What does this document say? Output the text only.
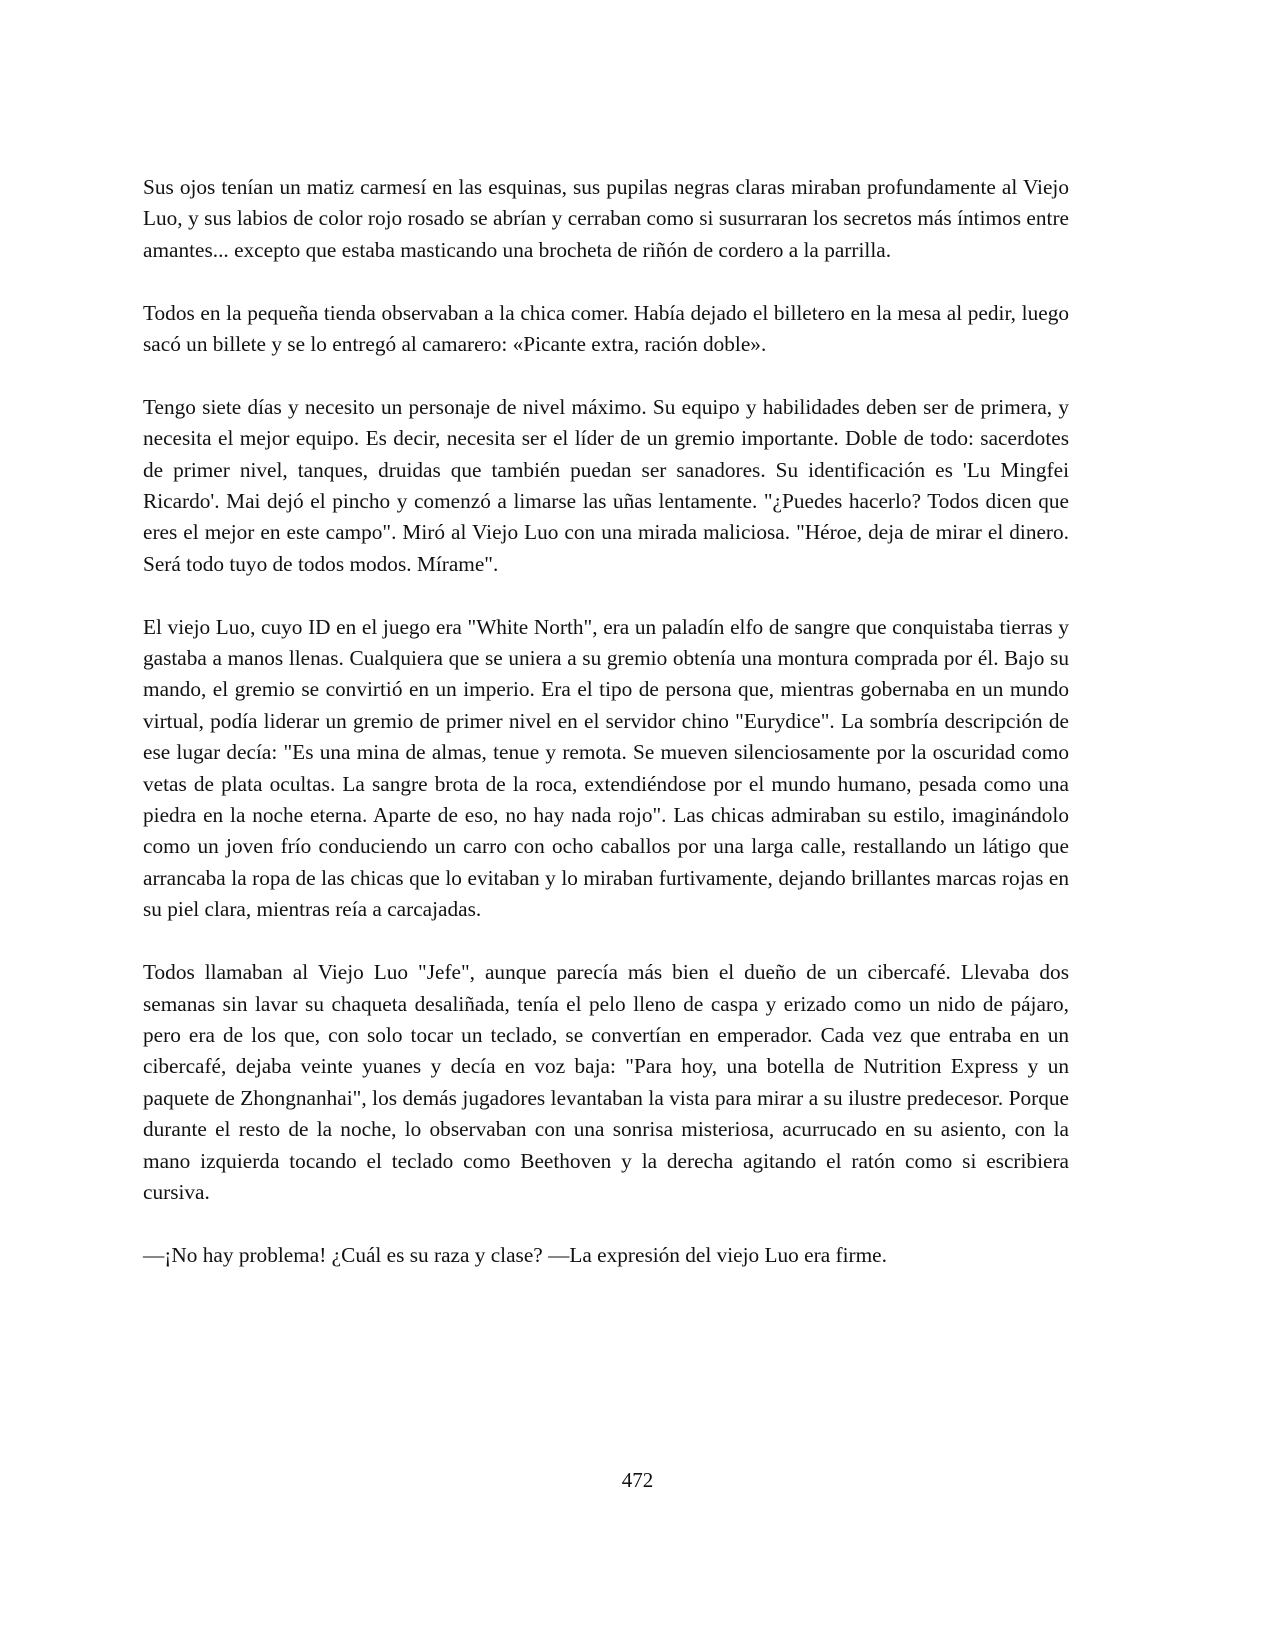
Sus ojos tenían un matiz carmesí en las esquinas, sus pupilas negras claras miraban profundamente al Viejo Luo, y sus labios de color rojo rosado se abrían y cerraban como si susurraran los secretos más íntimos entre amantes... excepto que estaba masticando una brocheta de riñón de cordero a la parrilla.

Todos en la pequeña tienda observaban a la chica comer. Había dejado el billetero en la mesa al pedir, luego sacó un billete y se lo entregó al camarero: «Picante extra, ración doble».

Tengo siete días y necesito un personaje de nivel máximo. Su equipo y habilidades deben ser de primera, y necesita el mejor equipo. Es decir, necesita ser el líder de un gremio importante. Doble de todo: sacerdotes de primer nivel, tanques, druidas que también puedan ser sanadores. Su identificación es 'Lu Mingfei Ricardo'. Mai dejó el pincho y comenzó a limarse las uñas lentamente. "¿Puedes hacerlo? Todos dicen que eres el mejor en este campo". Miró al Viejo Luo con una mirada maliciosa. "Héroe, deja de mirar el dinero. Será todo tuyo de todos modos. Mírame".

El viejo Luo, cuyo ID en el juego era "White North", era un paladín elfo de sangre que conquistaba tierras y gastaba a manos llenas. Cualquiera que se uniera a su gremio obtenía una montura comprada por él. Bajo su mando, el gremio se convirtió en un imperio. Era el tipo de persona que, mientras gobernaba en un mundo virtual, podía liderar un gremio de primer nivel en el servidor chino "Eurydice". La sombría descripción de ese lugar decía: "Es una mina de almas, tenue y remota. Se mueven silenciosamente por la oscuridad como vetas de plata ocultas. La sangre brota de la roca, extendiéndose por el mundo humano, pesada como una piedra en la noche eterna. Aparte de eso, no hay nada rojo". Las chicas admiraban su estilo, imaginándolo como un joven frío conduciendo un carro con ocho caballos por una larga calle, restallando un látigo que arrancaba la ropa de las chicas que lo evitaban y lo miraban furtivamente, dejando brillantes marcas rojas en su piel clara, mientras reía a carcajadas.

Todos llamaban al Viejo Luo "Jefe", aunque parecía más bien el dueño de un cibercafé. Llevaba dos semanas sin lavar su chaqueta desaliñada, tenía el pelo lleno de caspa y erizado como un nido de pájaro, pero era de los que, con solo tocar un teclado, se convertían en emperador. Cada vez que entraba en un cibercafé, dejaba veinte yuanes y decía en voz baja: "Para hoy, una botella de Nutrition Express y un paquete de Zhongnanhai", los demás jugadores levantaban la vista para mirar a su ilustre predecesor. Porque durante el resto de la noche, lo observaban con una sonrisa misteriosa, acurrucado en su asiento, con la mano izquierda tocando el teclado como Beethoven y la derecha agitando el ratón como si escribiera cursiva.

—¡No hay problema! ¿Cuál es su raza y clase? —La expresión del viejo Luo era firme.

472
